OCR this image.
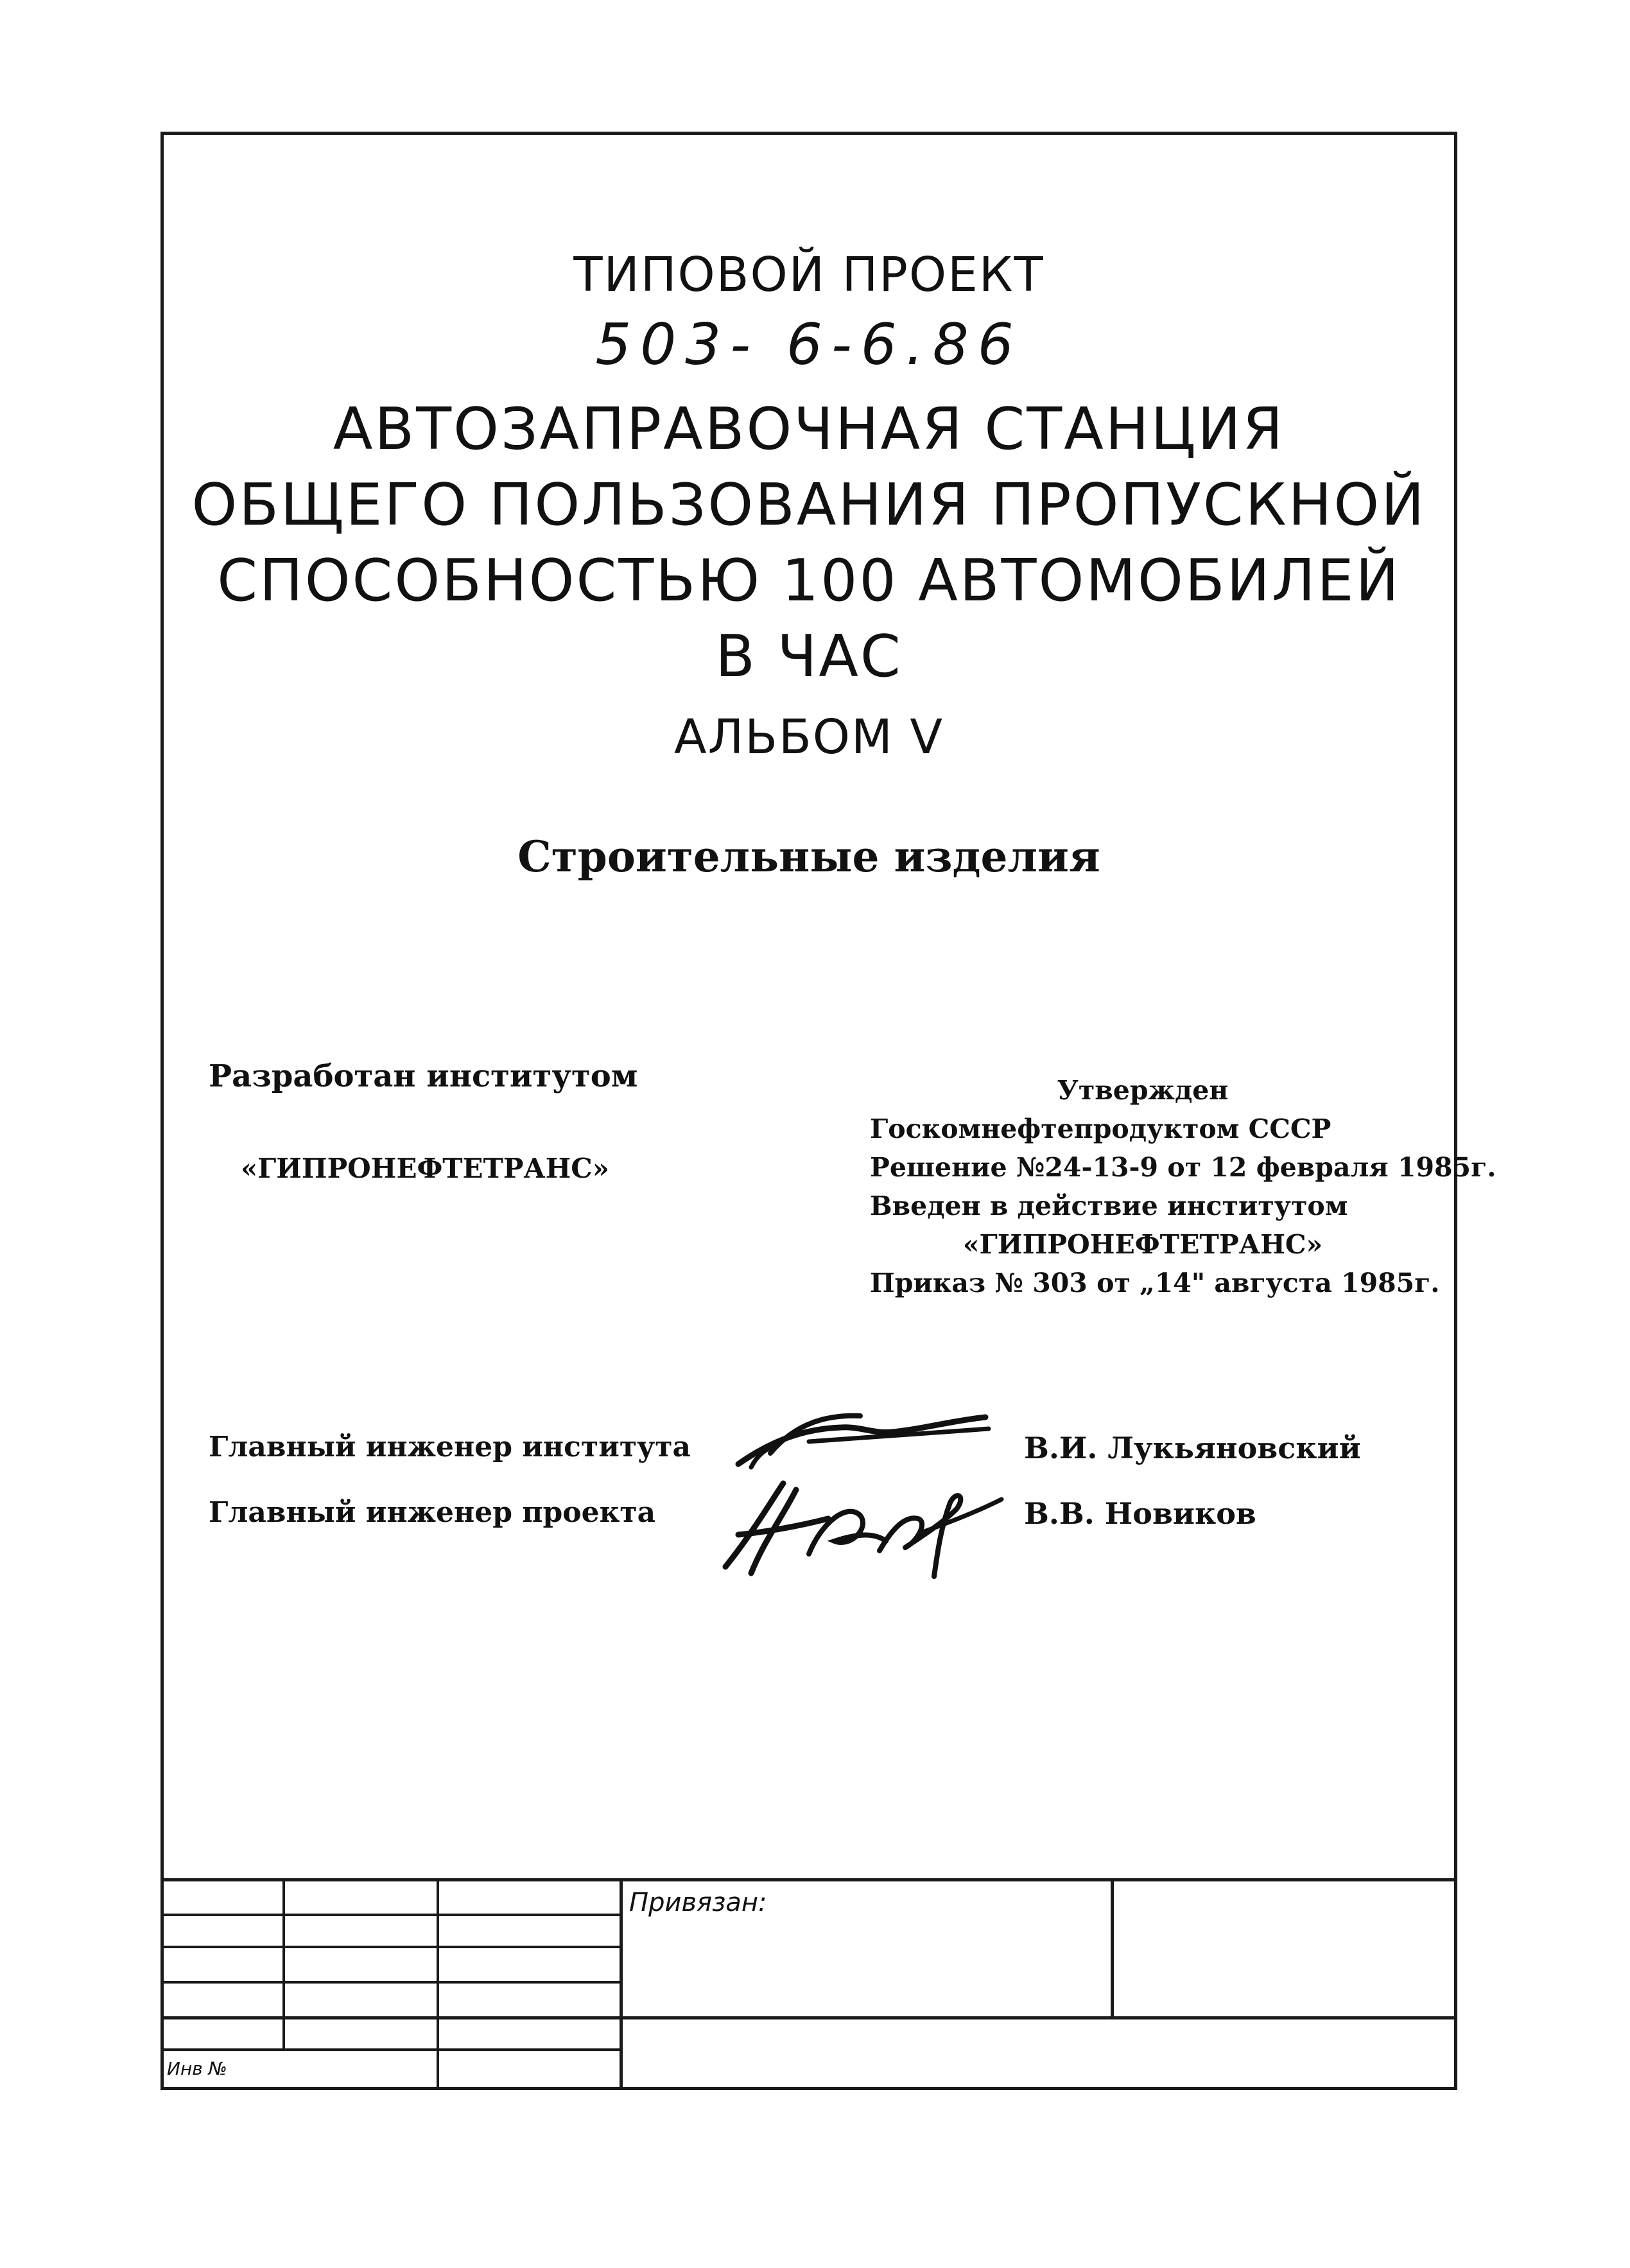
ТИПОВОЙ ПРОЕКТ
503- 6-6.86
АВТОЗАПРАВОЧНАЯ СТАНЦИЯ
ОБЩЕГО ПОЛЬЗОВАНИЯ ПРОПУСКНОЙ
СПОСОБНОСТЬЮ 100 АВТОМОБИЛЕЙ
В ЧАС
АЛЬБОМ V
Строительные изделия
Разработан институтом
«ГИПРОНЕФТЕТРАНС»
Утвержден
Госкомнефтепродуктом СССР
Решение №24-13-9 от 12 февраля 1985г.
Введен в действие институтом
«ГИПРОНЕФТЕТРАНС»
Приказ № 303 от „14" августа 1985г.
Главный инженер института	В.И. Лукьяновский
Главный инженер проекта	В.В. Новиков
Привязан:
Инв №
